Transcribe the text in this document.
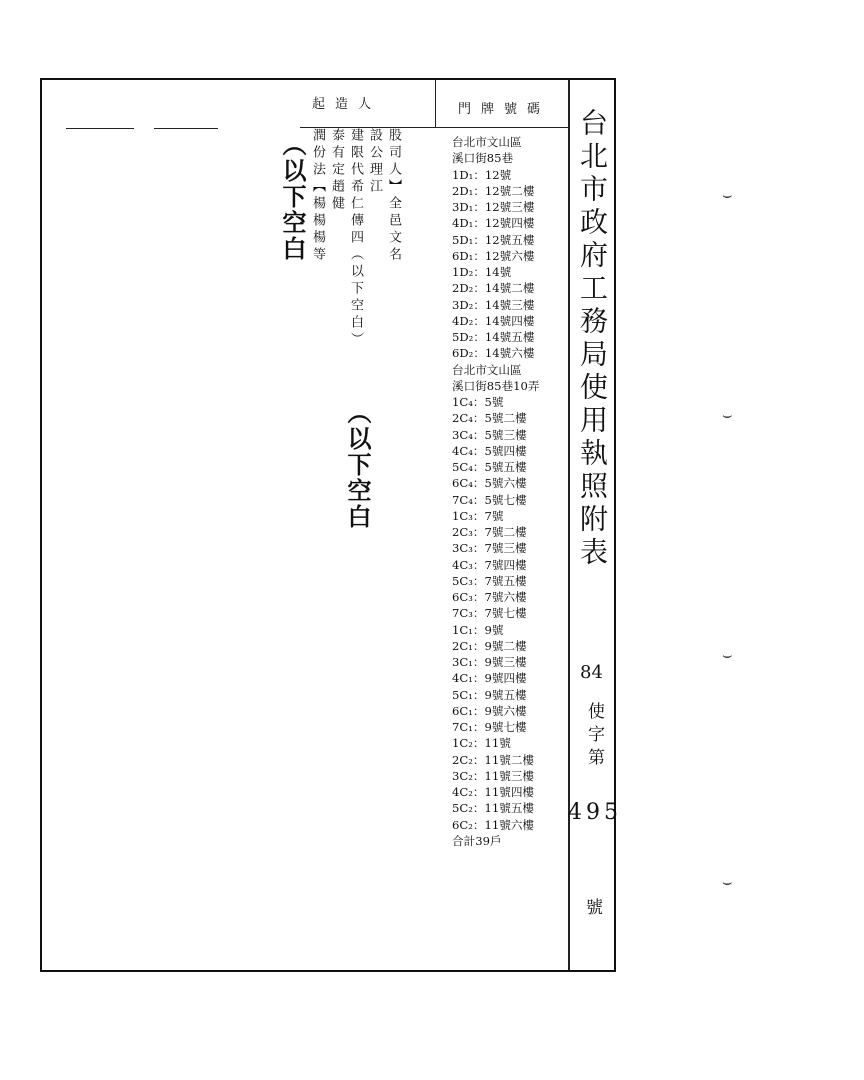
台北市政府工務局使用執照附表
84
使字第
495
號
起造人	門牌號碼
台北市文山區
溪口街85巷
1D₁：12號
2D₁：12號二樓
3D₁：12號三樓
4D₁：12號四樓
5D₁：12號五樓
6D₁：12號六樓
1D₂：14號
2D₂：14號二樓
3D₂：14號三樓
4D₂：14號四樓
5D₂：14號五樓
6D₂：14號六樓
台北市文山區
溪口街85巷10弄
1C₄：5號
2C₄：5號二樓
3C₄：5號三樓
4C₄：5號四樓
5C₄：5號五樓
6C₄：5號六樓
7C₄：5號七樓
1C₃：7號
2C₃：7號二樓
3C₃：7號三樓
4C₃：7號四樓
5C₃：7號五樓
6C₃：7號六樓
7C₃：7號七樓
1C₁：9號
2C₁：9號二樓
3C₁：9號三樓
4C₁：9號四樓
5C₁：9號五樓
6C₁：9號六樓
7C₁：9號七樓
1C₂：11號
2C₂：11號二樓
3C₂：11號三樓
4C₂：11號四樓
5C₂：11號五樓
6C₂：11號六樓
合計39戶
股司人】全邑文名
設公理江
建限代希仁傳四（以下空白）
泰有定趙健
潤份法【楊楊楊等
（以下空白
（以下空白
⌣
⌣
⌣
⌣
